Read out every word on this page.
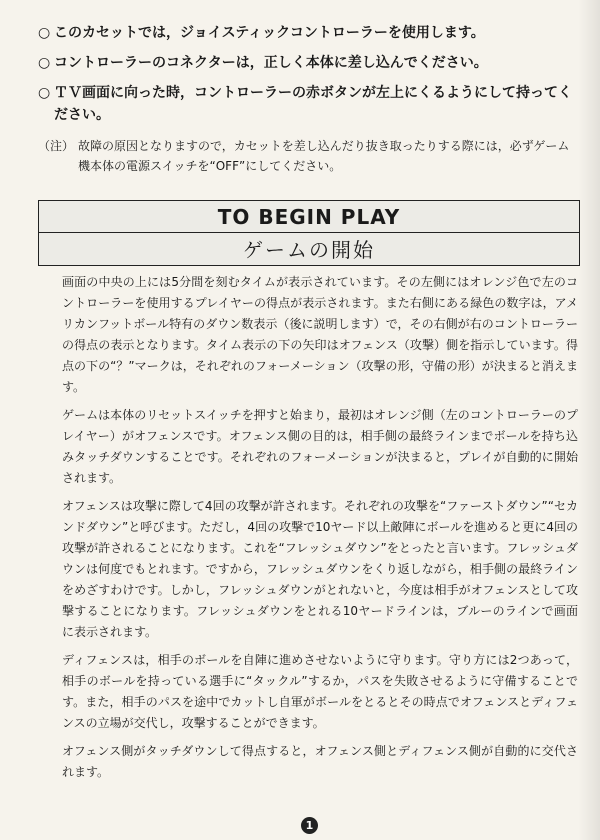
○ このカセットでは，ジョイスティックコントローラーを使用します。
○ コントローラーのコネクターは，正しく本体に差し込んでください。
○ ＴＶ画面に向った時，コントローラーの赤ボタンが左上にくるようにして持ってください。
（注） 故障の原因となりますので，カセットを差し込んだり抜き取ったりする際には，必ずゲーム機本体の電源スイッチを“OFF”にしてください。
TO BEGIN PLAY
ゲームの開始

画面の中央の上には5分間を刻むタイムが表示されています。その左側にはオレンジ色で左のコントローラーを使用するプレイヤーの得点が表示されます。また右側にある緑色の数字は，アメリカンフットボール特有のダウン数表示（後に説明します）で，その右側が右のコントローラーの得点の表示となります。タイム表示の下の矢印はオフェンス（攻撃）側を指示しています。得点の下の“？”マークは，それぞれのフォーメーション（攻撃の形，守備の形）が決まると消えます。

ゲームは本体のリセットスイッチを押すと始まり，最初はオレンジ側（左のコントローラーのプレイヤー）がオフェンスです。オフェンス側の目的は，相手側の最終ラインまでボールを持ち込みタッチダウンすることです。それぞれのフォーメーションが決まると，プレイが自動的に開始されます。

オフェンスは攻撃に際して4回の攻撃が許されます。それぞれの攻撃を“ファーストダウン”“セカンドダウン”と呼びます。ただし，4回の攻撃で10ヤード以上敵陣にボールを進めると更に4回の攻撃が許されることになります。これを“フレッシュダウン”をとったと言います。フレッシュダウンは何度でもとれます。ですから，フレッシュダウンをくり返しながら，相手側の最終ラインをめざすわけです。しかし，フレッシュダウンがとれないと，今度は相手がオフェンスとして攻撃することになります。フレッシュダウンをとれる10ヤードラインは，ブルーのラインで画面に表示されます。

ディフェンスは，相手のボールを自陣に進めさせないように守ります。守り方には2つあって，相手のボールを持っている選手に“タックル”するか，パスを失敗させるように守備することです。また，相手のパスを途中でカットし自軍がボールをとるとその時点でオフェンスとディフェンスの立場が交代し，攻撃することができます。

オフェンス側がタッチダウンして得点すると，オフェンス側とディフェンス側が自動的に交代されます。

1
